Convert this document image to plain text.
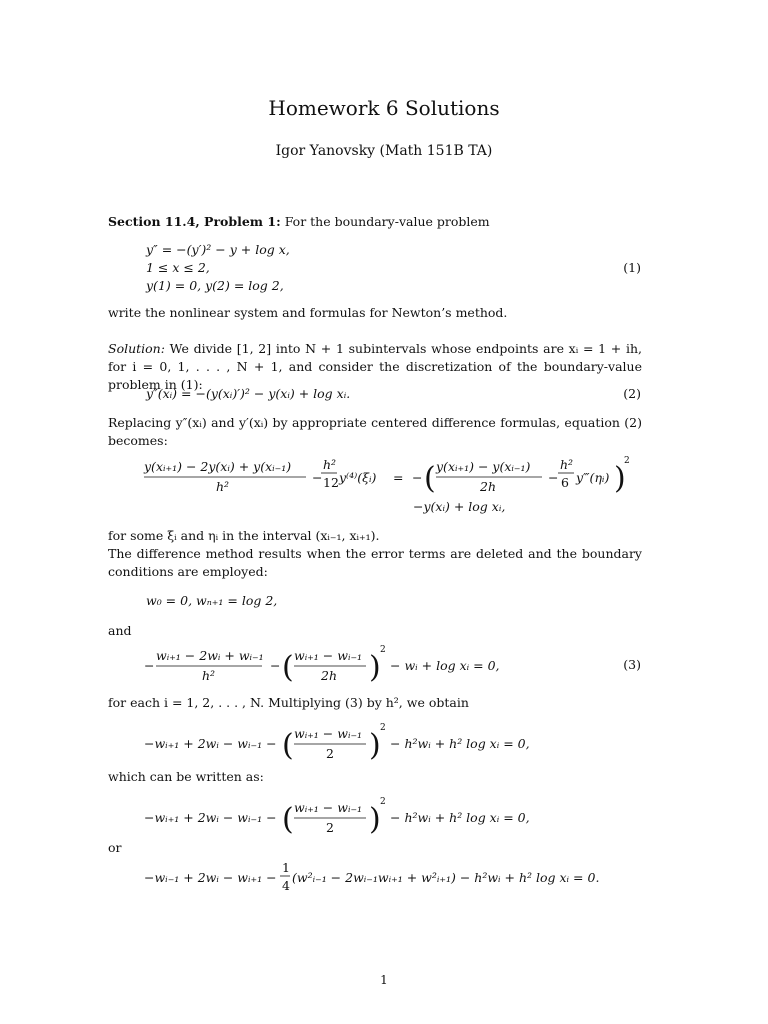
Homework 6 Solutions
Igor Yanovsky (Math 151B TA)
Section 11.4, Problem 1: For the boundary-value problem
y″ = −(y′)² − y + log x,
1 ≤ x ≤ 2,
y(1) = 0, y(2) = log 2,
(1)
write the nonlinear system and formulas for Newton’s method.
Solution: We divide [1, 2] into N + 1 subintervals whose endpoints are xᵢ = 1 + ih, for i = 0, 1, . . . , N + 1, and consider the discretization of the boundary-value problem in (1):
y″(xᵢ) = −(y(xᵢ)′)² − y(xᵢ) + log xᵢ.	(2)
Replacing y″(xᵢ) and y′(xᵢ) by appropriate centered difference formulas, equation (2) becomes:
y(xᵢ₊₁) − 2y(xᵢ) + y(xᵢ₋₁)
h²
−
h²
12 y⁽⁴⁾(ξᵢ) = − ( y(xᵢ₊₁) − y(xᵢ₋₁)
2h
−
h²
6 y‴(ηᵢ) )
2
−y(xᵢ) + log xᵢ,
for some ξᵢ and ηᵢ in the interval (xᵢ₋₁, xᵢ₊₁).
The difference method results when the error terms are deleted and the boundary conditions are employed:
w₀ = 0, wₙ₊₁ = log 2,
and
−
wᵢ₊₁ − 2wᵢ + wᵢ₋₁
h²
− ( wᵢ₊₁ − wᵢ₋₁
2h ) 2
− wᵢ + log xᵢ = 0,	(3)
for each i = 1, 2, . . . , N. Multiplying (3) by h², we obtain
−wᵢ₊₁ + 2wᵢ − wᵢ₋₁ − ( wᵢ₊₁ − wᵢ₋₁
2 ) 2
− h²wᵢ + h² log xᵢ = 0,
which can be written as:
−wᵢ₊₁ + 2wᵢ − wᵢ₋₁ − ( wᵢ₊₁ − wᵢ₋₁
2 ) 2
− h²wᵢ + h² log xᵢ = 0,
or
−wᵢ₋₁ + 2wᵢ − wᵢ₊₁ −
1
4
(w²ᵢ₋₁ − 2wᵢ₋₁wᵢ₊₁ + w²ᵢ₊₁) − h²wᵢ + h² log xᵢ = 0.
1
